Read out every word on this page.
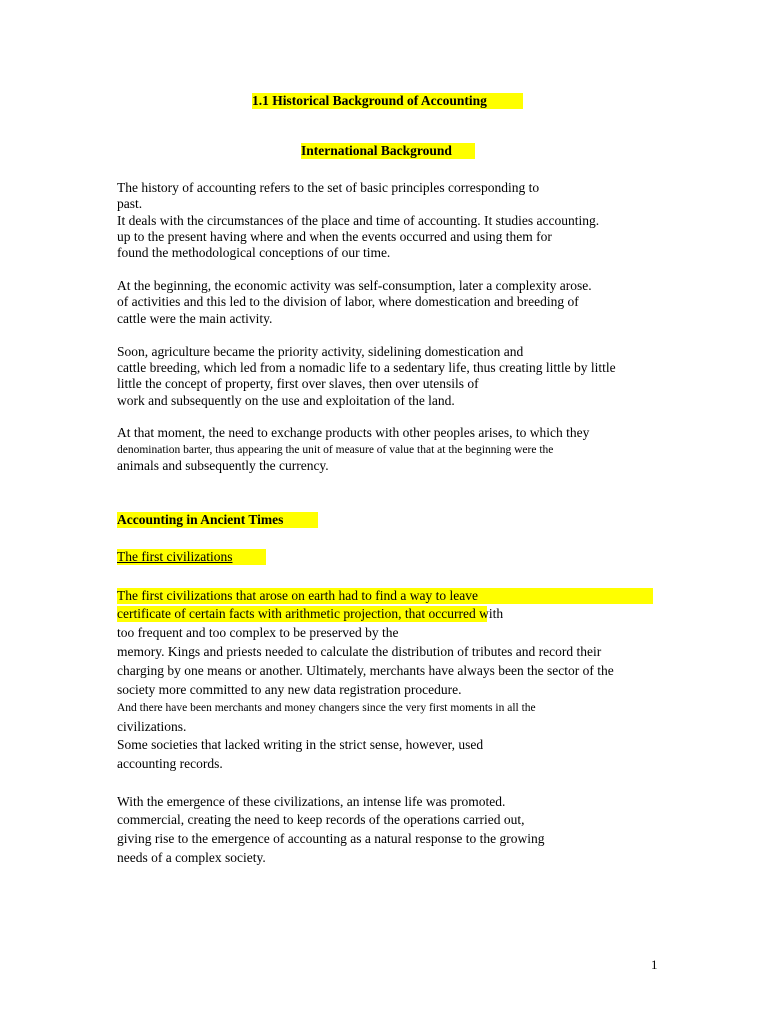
1.1 Historical Background of Accounting
International Background
The history of accounting refers to the set of basic principles corresponding to
past.
It deals with the circumstances of the place and time of accounting. It studies accounting.
up to the present having where and when the events occurred and using them for
found the methodological conceptions of our time.
At the beginning, the economic activity was self-consumption, later a complexity arose.
of activities and this led to the division of labor, where domestication and breeding of
cattle were the main activity.
Soon, agriculture became the priority activity, sidelining domestication and
cattle breeding, which led from a nomadic life to a sedentary life, thus creating little by little
little the concept of property, first over slaves, then over utensils of
work and subsequently on the use and exploitation of the land.
At that moment, the need to exchange products with other peoples arises, to which they
denomination barter, thus appearing the unit of measure of value that at the beginning were the
animals and subsequently the currency.
Accounting in Ancient Times
The first civilizations
The first civilizations that arose on earth had to find a way to leave
certificate of certain facts with arithmetic projection, that occurred with
too frequent and too complex to be preserved by the
memory. Kings and priests needed to calculate the distribution of tributes and record their
charging by one means or another. Ultimately, merchants have always been the sector of the
society more committed to any new data registration procedure.
And there have been merchants and money changers since the very first moments in all the
civilizations.
Some societies that lacked writing in the strict sense, however, used
accounting records.
With the emergence of these civilizations, an intense life was promoted.
commercial, creating the need to keep records of the operations carried out,
giving rise to the emergence of accounting as a natural response to the growing
needs of a complex society.
1
